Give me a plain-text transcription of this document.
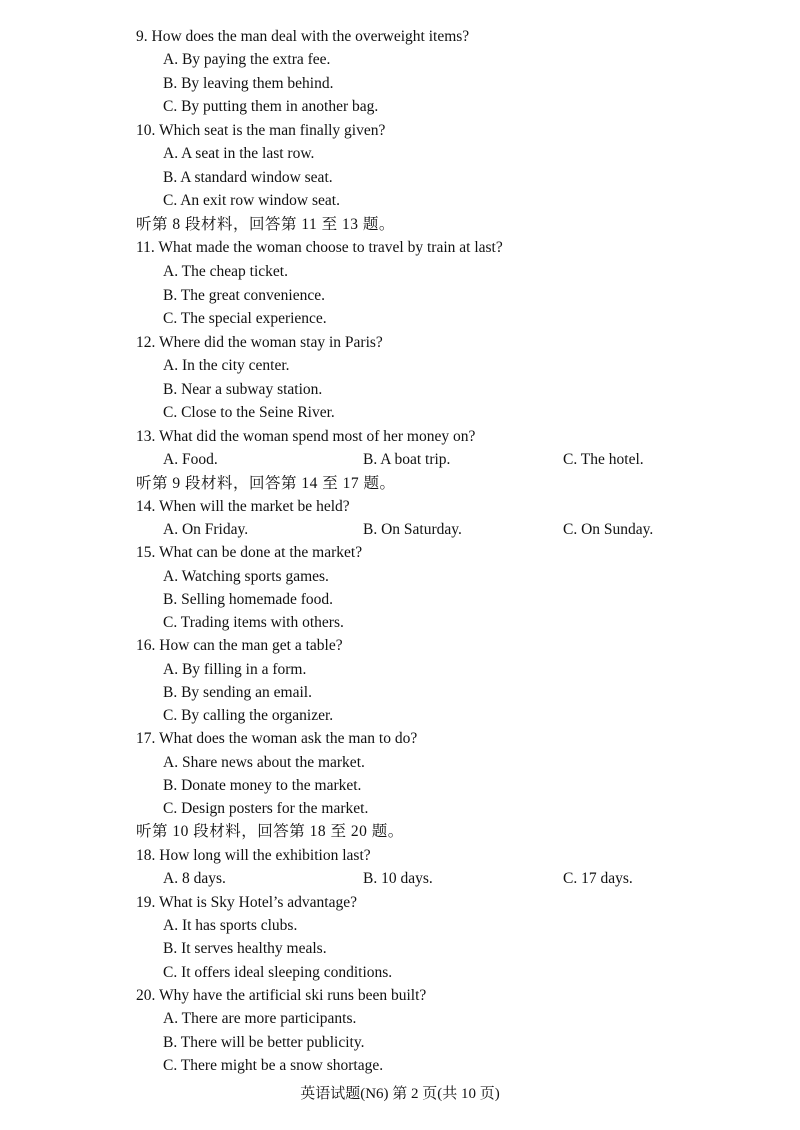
9. How does the man deal with the overweight items?
A. By paying the extra fee.
B. By leaving them behind.
C. By putting them in another bag.
10. Which seat is the man finally given?
A. A seat in the last row.
B. A standard window seat.
C. An exit row window seat.
听第 8 段材料，回答第 11 至 13 题。
11. What made the woman choose to travel by train at last?
A. The cheap ticket.
B. The great convenience.
C. The special experience.
12. Where did the woman stay in Paris?
A. In the city center.
B. Near a subway station.
C. Close to the Seine River.
13. What did the woman spend most of her money on?
A. Food.	B. A boat trip.	C. The hotel.
听第 9 段材料，回答第 14 至 17 题。
14. When will the market be held?
A. On Friday.	B. On Saturday.	C. On Sunday.
15. What can be done at the market?
A. Watching sports games.
B. Selling homemade food.
C. Trading items with others.
16. How can the man get a table?
A. By filling in a form.
B. By sending an email.
C. By calling the organizer.
17. What does the woman ask the man to do?
A. Share news about the market.
B. Donate money to the market.
C. Design posters for the market.
听第 10 段材料，回答第 18 至 20 题。
18. How long will the exhibition last?
A. 8 days.	B. 10 days.	C. 17 days.
19. What is Sky Hotel’s advantage?
A. It has sports clubs.
B. It serves healthy meals.
C. It offers ideal sleeping conditions.
20. Why have the artificial ski runs been built?
A. There are more participants.
B. There will be better publicity.
C. There might be a snow shortage.
英语试题(N6) 第 2 页(共 10 页)
